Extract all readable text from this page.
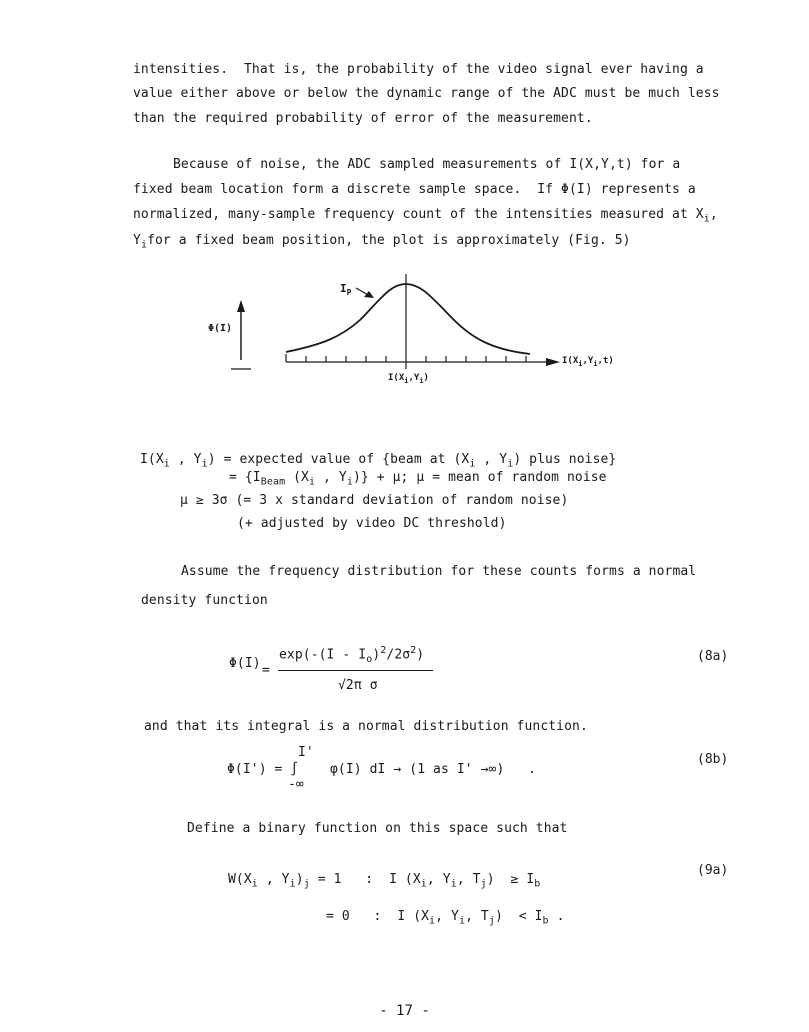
intensities.  That is, the probability of the video signal ever having a
value either above or below the dynamic range of the ADC must be much less
than the required probability of error of the measurement.
Because of noise, the ADC sampled measurements of I(X,Y,t) for a
fixed beam location form a discrete sample space.  If Φ(I) represents a
normalized, many-sample frequency count of the intensities measured at $X_i$,
$Y_ifor$ a fixed beam position, the plot is approximately (Fig. 5)
Φ(I)
$I_P$
$I(X_i,Y_i)$
$I(X_i,Y_i,t)$
$I(X_i$ , $Y_i$) = expected value of {beam at ($X_i$ , $Y_i$) plus noise}
= {$I_{Beam}$ ($X_i$ , $Y_i)\} + \mu$; μ = mean of random noise
μ ≥ 3σ (= 3 x standard deviation of random noise)
(+ adjusted by video DC threshold)
Assume the frequency distribution for these counts forms a normal
density function
Φ(I) =
$\exp(-(I - I_o)^2/2\sigma^2)$
√2π σ
(8a)
and that its integral is a normal distribution function.
I'
Φ(I') = ∫ φ(I) dI → (1 as I' →∞)   .
-∞
(8b)
Define a binary function on this space such that
$W(X_i$ , $Y_i)_j = 1$   :  I ($X_i$, $Y_i$, $T_j) \ge I_b$
= 0   :  I ($X_i$, $Y_i$, $T_j) < I_b$ .
(9a)
- 17 -
